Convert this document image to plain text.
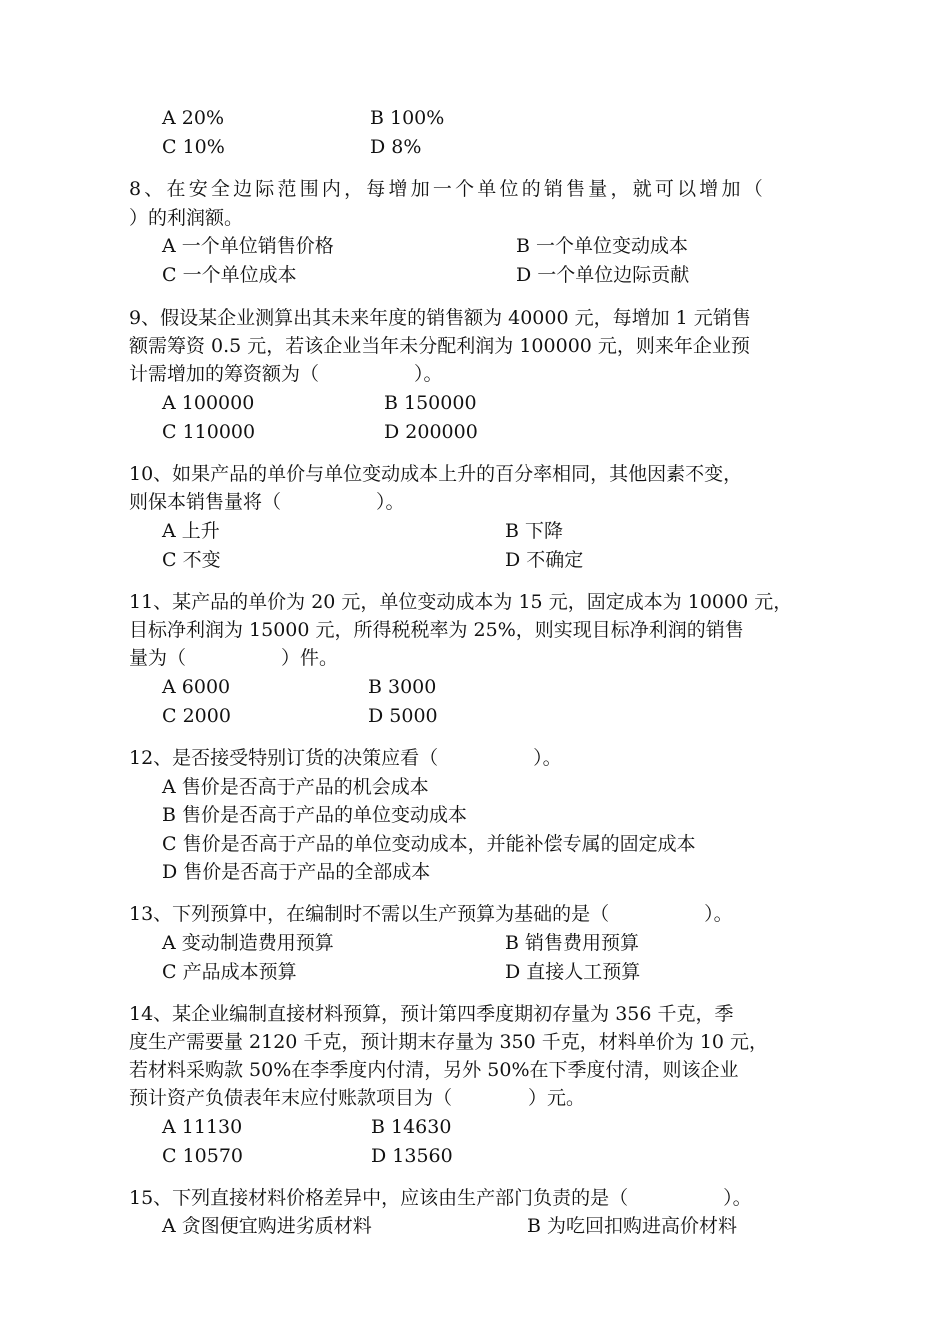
A 20%	B 100%
C 10%	D 8%
8、在安全边际范围内，每增加一个单位的销售量，就可以增加（
）的利润额。
A 一个单位销售价格	B 一个单位变动成本
C 一个单位成本	D 一个单位边际贡献
9、假设某企业测算出其未来年度的销售额为 40000 元，每增加 1 元销售
额需筹资 0.5 元，若该企业当年未分配利润为 100000 元，则来年企业预
计需增加的筹资额为（　　　　　）。
A 100000	B 150000
C 110000	D 200000
10、如果产品的单价与单位变动成本上升的百分率相同，其他因素不变，
则保本销售量将（　　　　　）。
A 上升	B 下降
C 不变	D 不确定
11、某产品的单价为 20 元，单位变动成本为 15 元，固定成本为 10000 元，
目标净利润为 15000 元，所得税税率为 25%，则实现目标净利润的销售
量为（　　　　　）件。
A 6000	B 3000
C 2000	D 5000
12、是否接受特别订货的决策应看（　　　　　）。
A 售价是否高于产品的机会成本
B 售价是否高于产品的单位变动成本
C 售价是否高于产品的单位变动成本，并能补偿专属的固定成本
D 售价是否高于产品的全部成本
13、下列预算中，在编制时不需以生产预算为基础的是（　　　　　）。
A 变动制造费用预算	B 销售费用预算
C 产品成本预算	D 直接人工预算
14、某企业编制直接材料预算，预计第四季度期初存量为 356 千克，季
度生产需要量 2120 千克，预计期末存量为 350 千克，材料单价为 10 元，
若材料采购款 50%在李季度内付清，另外 50%在下季度付清，则该企业
预计资产负债表年末应付账款项目为（　　　　）元。
A 11130	B 14630
C 10570	D 13560
15、下列直接材料价格差异中，应该由生产部门负责的是（　　　　　）。
A 贪图便宜购进劣质材料	B 为吃回扣购进高价材料
